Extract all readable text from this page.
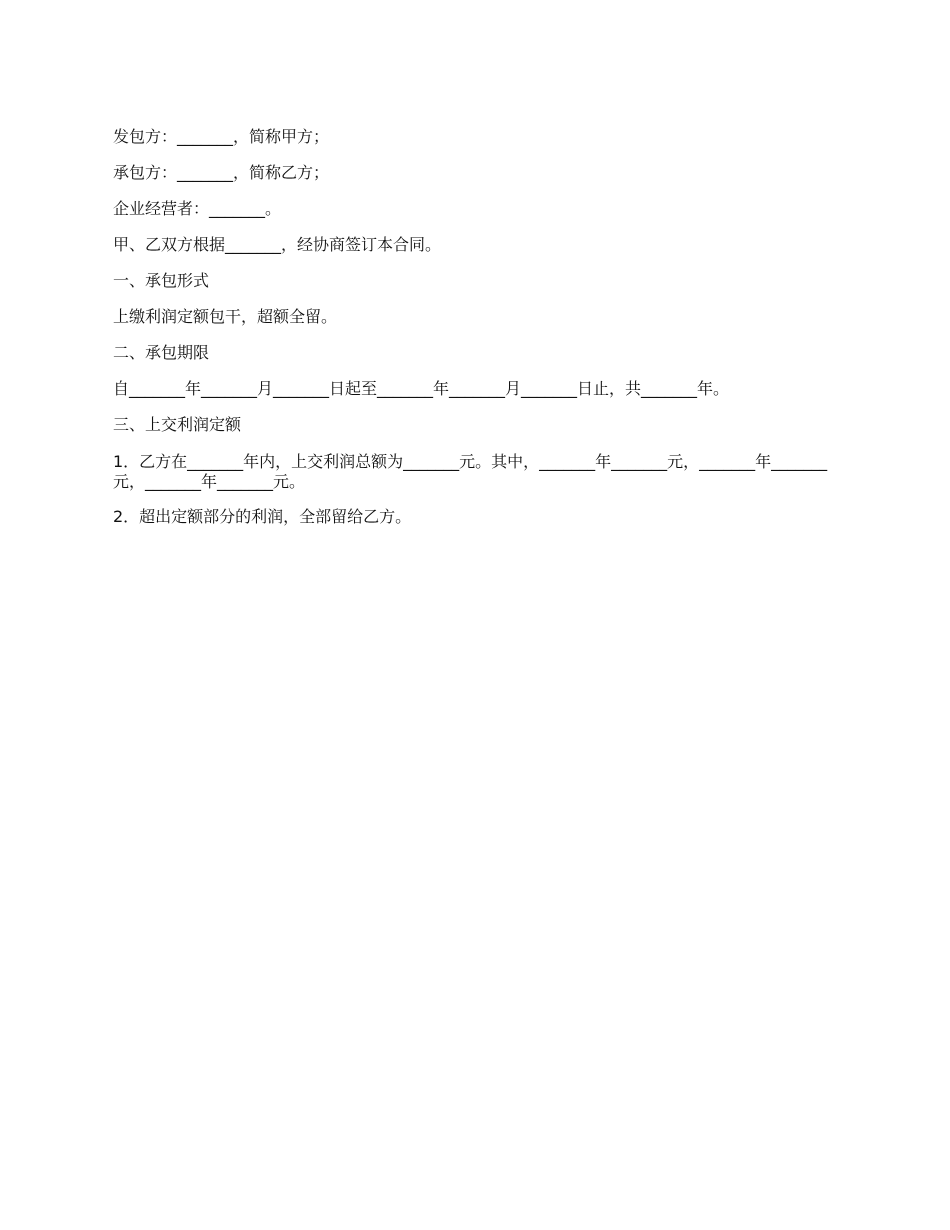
发包方：_______，简称甲方；

承包方：_______，简称乙方；

企业经营者：_______。

甲、乙双方根据_______，经协商签订本合同。

一、承包形式

上缴利润定额包干，超额全留。

二、承包期限

自_______年_______月_______日起至_______年_______月_______日止，共_______年。

三、上交利润定额

1．乙方在_______年内，上交利润总额为_______元。其中，_______年_______元，_______年_______元，_______年_______元。

2．超出定额部分的利润，全部留给乙方。
